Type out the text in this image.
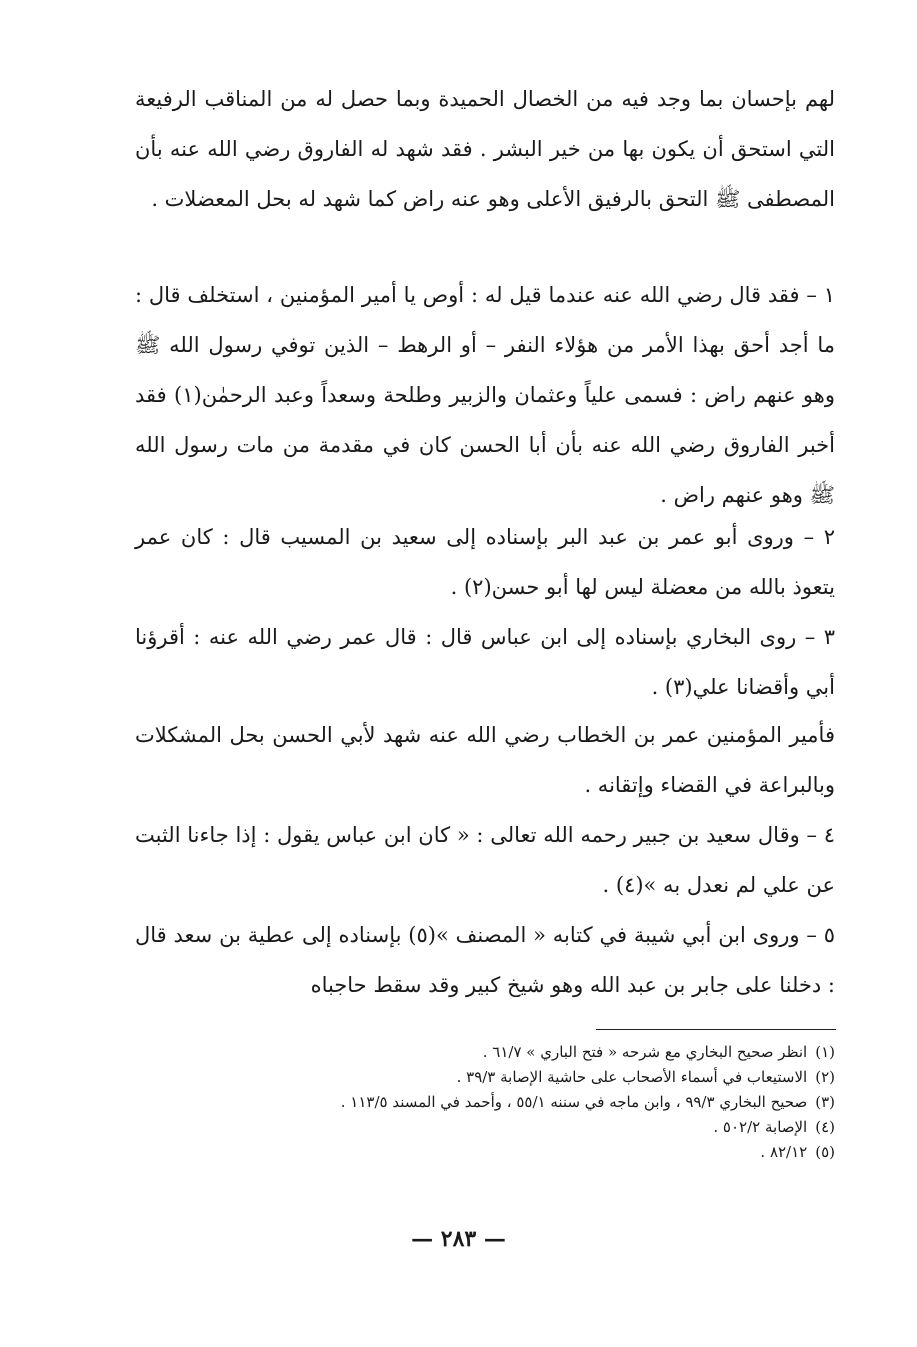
لهم بإحسان بما وجد فيه من الخصال الحميدة وبما حصل له من المناقب الرفيعة التي استحق أن يكون بها من خير البشر . فقد شهد له الفاروق رضي الله عنه بأن المصطفى ﷺ التحق بالرفيق الأعلى وهو عنه راض كما شهد له بحل المعضلات .

١ – فقد قال رضي الله عنه عندما قيل له : أوص يا أمير المؤمنين ، استخلف قال : ما أجد أحق بهذا الأمر من هؤلاء النفر – أو الرهط – الذين توفي رسول الله ﷺ وهو عنهم راض : فسمى علياً وعثمان والزبير وطلحة وسعداً وعبد الرحمٰن(١) فقد أخبر الفاروق رضي الله عنه بأن أبا الحسن كان في مقدمة من مات رسول الله ﷺ وهو عنهم راض .

٢ – وروى أبو عمر بن عبد البر بإسناده إلى سعيد بن المسيب قال : كان عمر يتعوذ بالله من معضلة ليس لها أبو حسن(٢) .

٣ – روى البخاري بإسناده إلى ابن عباس قال : قال عمر رضي الله عنه : أقرؤنا أبي وأقضانا علي(٣) .

فأمير المؤمنين عمر بن الخطاب رضي الله عنه شهد لأبي الحسن بحل المشكلات وبالبراعة في القضاء وإتقانه .

٤ – وقال سعيد بن جبير رحمه الله تعالى : « كان ابن عباس يقول : إذا جاءنا الثبت عن علي لم نعدل به »(٤) .

٥ – وروى ابن أبي شيبة في كتابه « المصنف »(٥) بإسناده إلى عطية بن سعد قال : دخلنا على جابر بن عبد الله وهو شيخ كبير وقد سقط حاجباه

(١)انظر صحيح البخاري مع شرحه « فتح الباري » ٦١/٧ .
(٢)الاستيعاب في أسماء الأصحاب على حاشية الإصابة ٣٩/٣ .
(٣)صحيح البخاري ٩٩/٣ ، وابن ماجه في سننه ٥٥/١ ، وأحمد في المسند ١١٣/٥ .
(٤)الإصابة ٥٠٢/٢ .
(٥)٨٢/١٢ .
— ٢٨٣ —
